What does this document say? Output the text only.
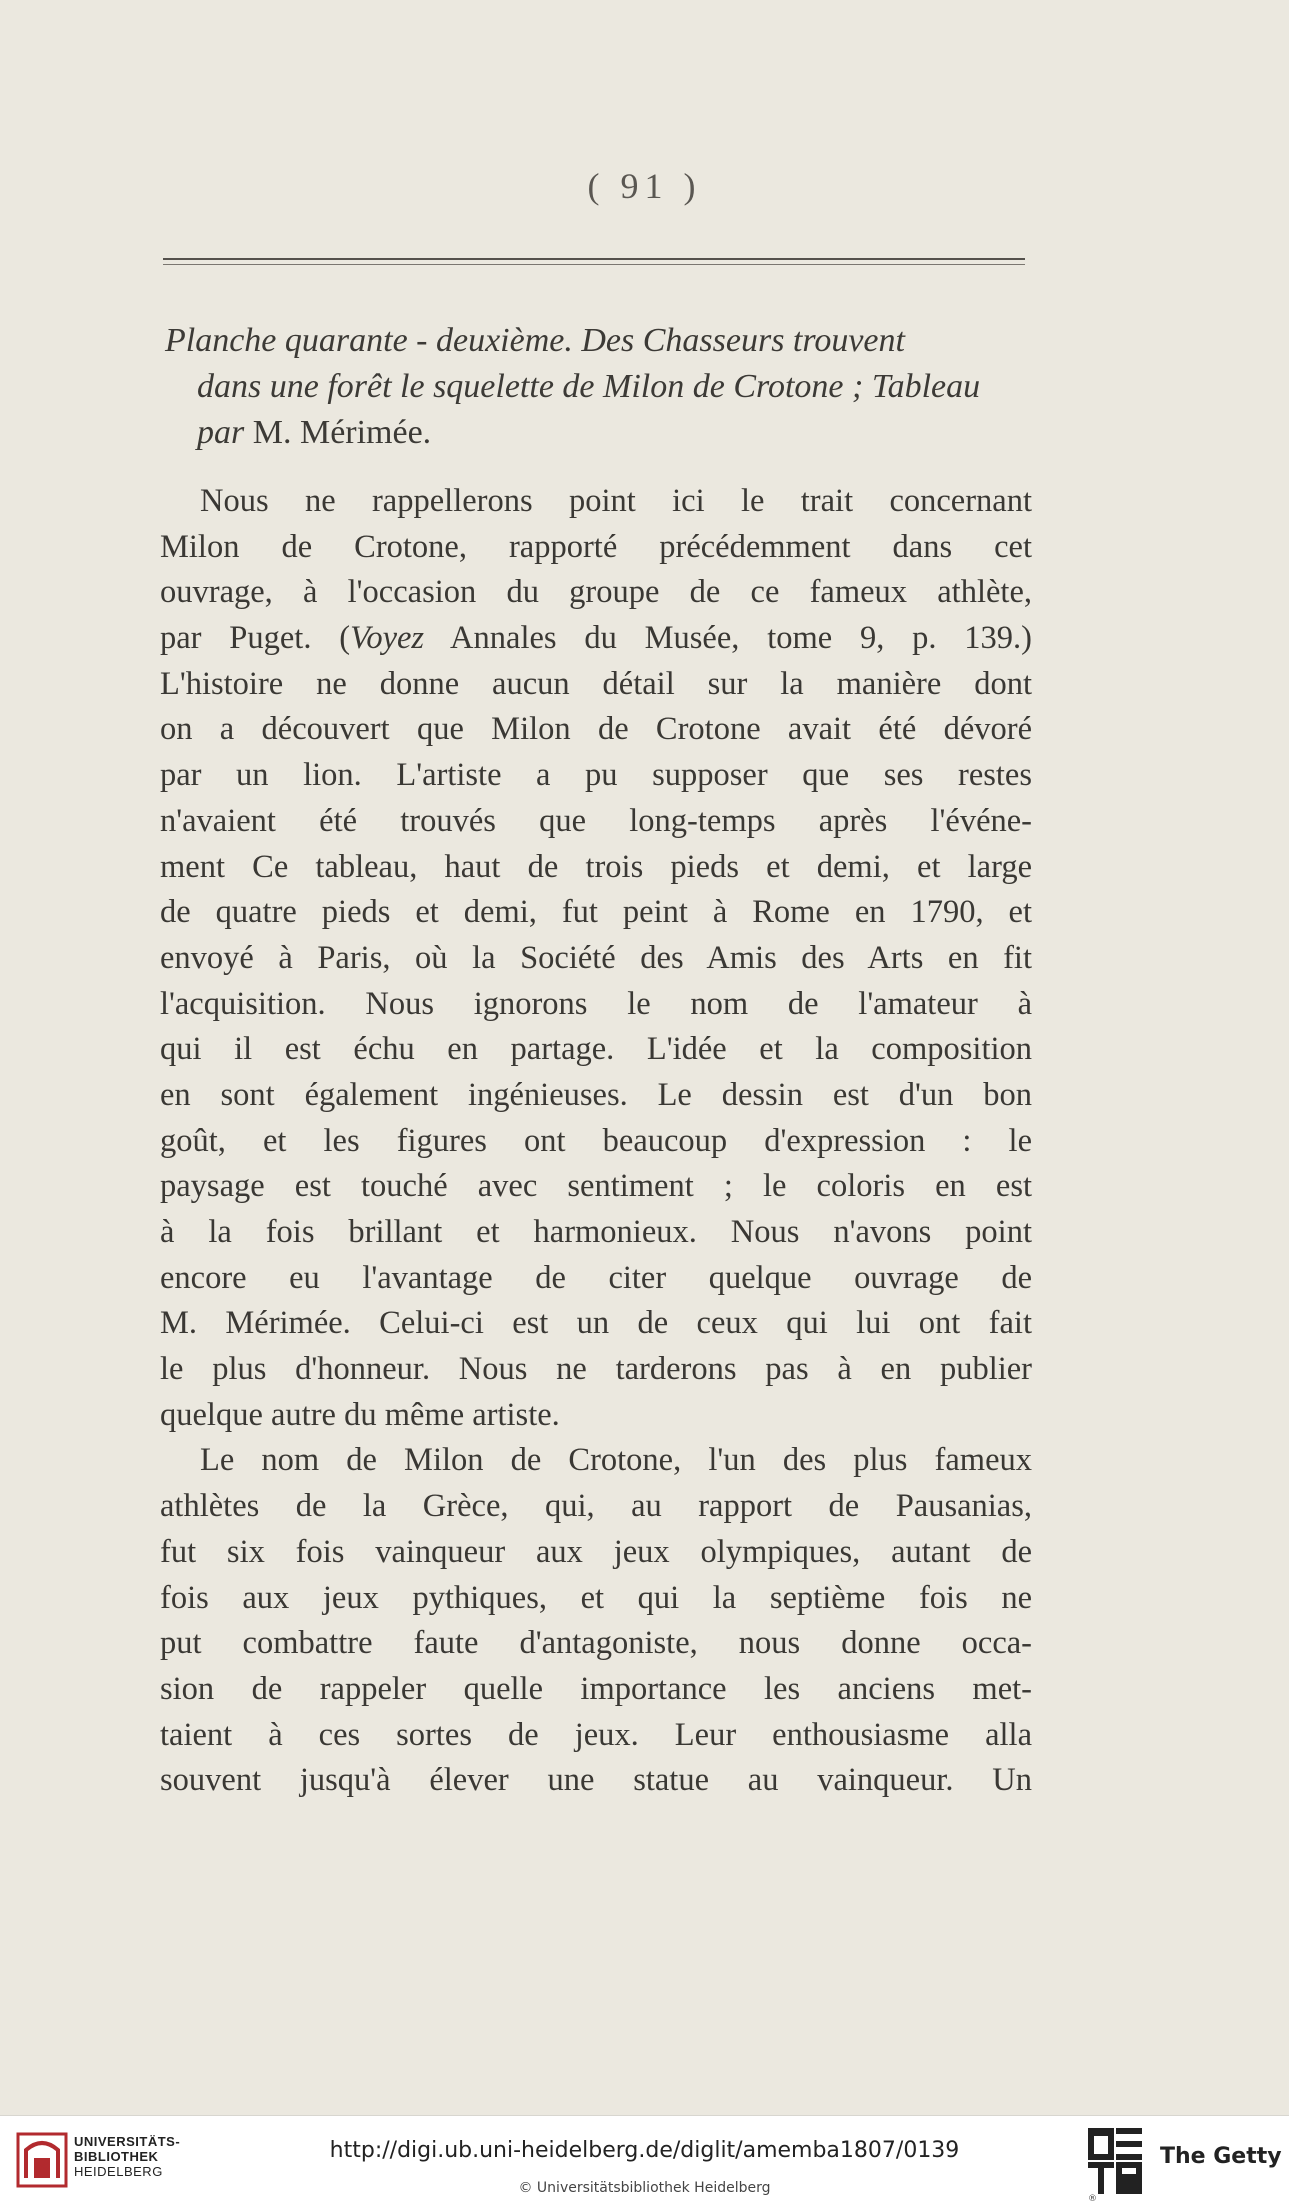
( 91 )
Planche quarante - deuxième. Des Chasseurs trouvent
dans une forêt le squelette de Milon de Crotone ; Tableau
par M. Mérimée.
Nous ne rappellerons point ici le trait concernant
Milon de Crotone, rapporté précédemment dans cet
ouvrage, à l'occasion du groupe de ce fameux athlète,
par Puget. (Voyez Annales du Musée, tome 9, p. 139.)
L'histoire ne donne aucun détail sur la manière dont
on a découvert que Milon de Crotone avait été dévoré
par un lion. L'artiste a pu supposer que ses restes
n'avaient été trouvés que long-temps après l'événe-
ment Ce tableau, haut de trois pieds et demi, et large
de quatre pieds et demi, fut peint à Rome en 1790, et
envoyé à Paris, où la Société des Amis des Arts en fit
l'acquisition. Nous ignorons le nom de l'amateur à
qui il est échu en partage. L'idée et la composition
en sont également ingénieuses. Le dessin est d'un bon
goût, et les figures ont beaucoup d'expression : le
paysage est touché avec sentiment ; le coloris en est
à la fois brillant et harmonieux. Nous n'avons point
encore eu l'avantage de citer quelque ouvrage de
M. Mérimée. Celui-ci est un de ceux qui lui ont fait
le plus d'honneur. Nous ne tarderons pas à en publier
quelque autre du même artiste.
Le nom de Milon de Crotone, l'un des plus fameux
athlètes de la Grèce, qui, au rapport de Pausanias,
fut six fois vainqueur aux jeux olympiques, autant de
fois aux jeux pythiques, et qui la septième fois ne
put combattre faute d'antagoniste, nous donne occa-
sion de rappeler quelle importance les anciens met-
taient à ces sortes de jeux. Leur enthousiasme alla
souvent jusqu'à élever une statue au vainqueur. Un
UNIVERSITÄTS-
BIBLIOTHEK
HEIDELBERG
http://digi.ub.uni-heidelberg.de/diglit/amemba1807/0139
© Universitätsbibliothek Heidelberg
®
The Getty
